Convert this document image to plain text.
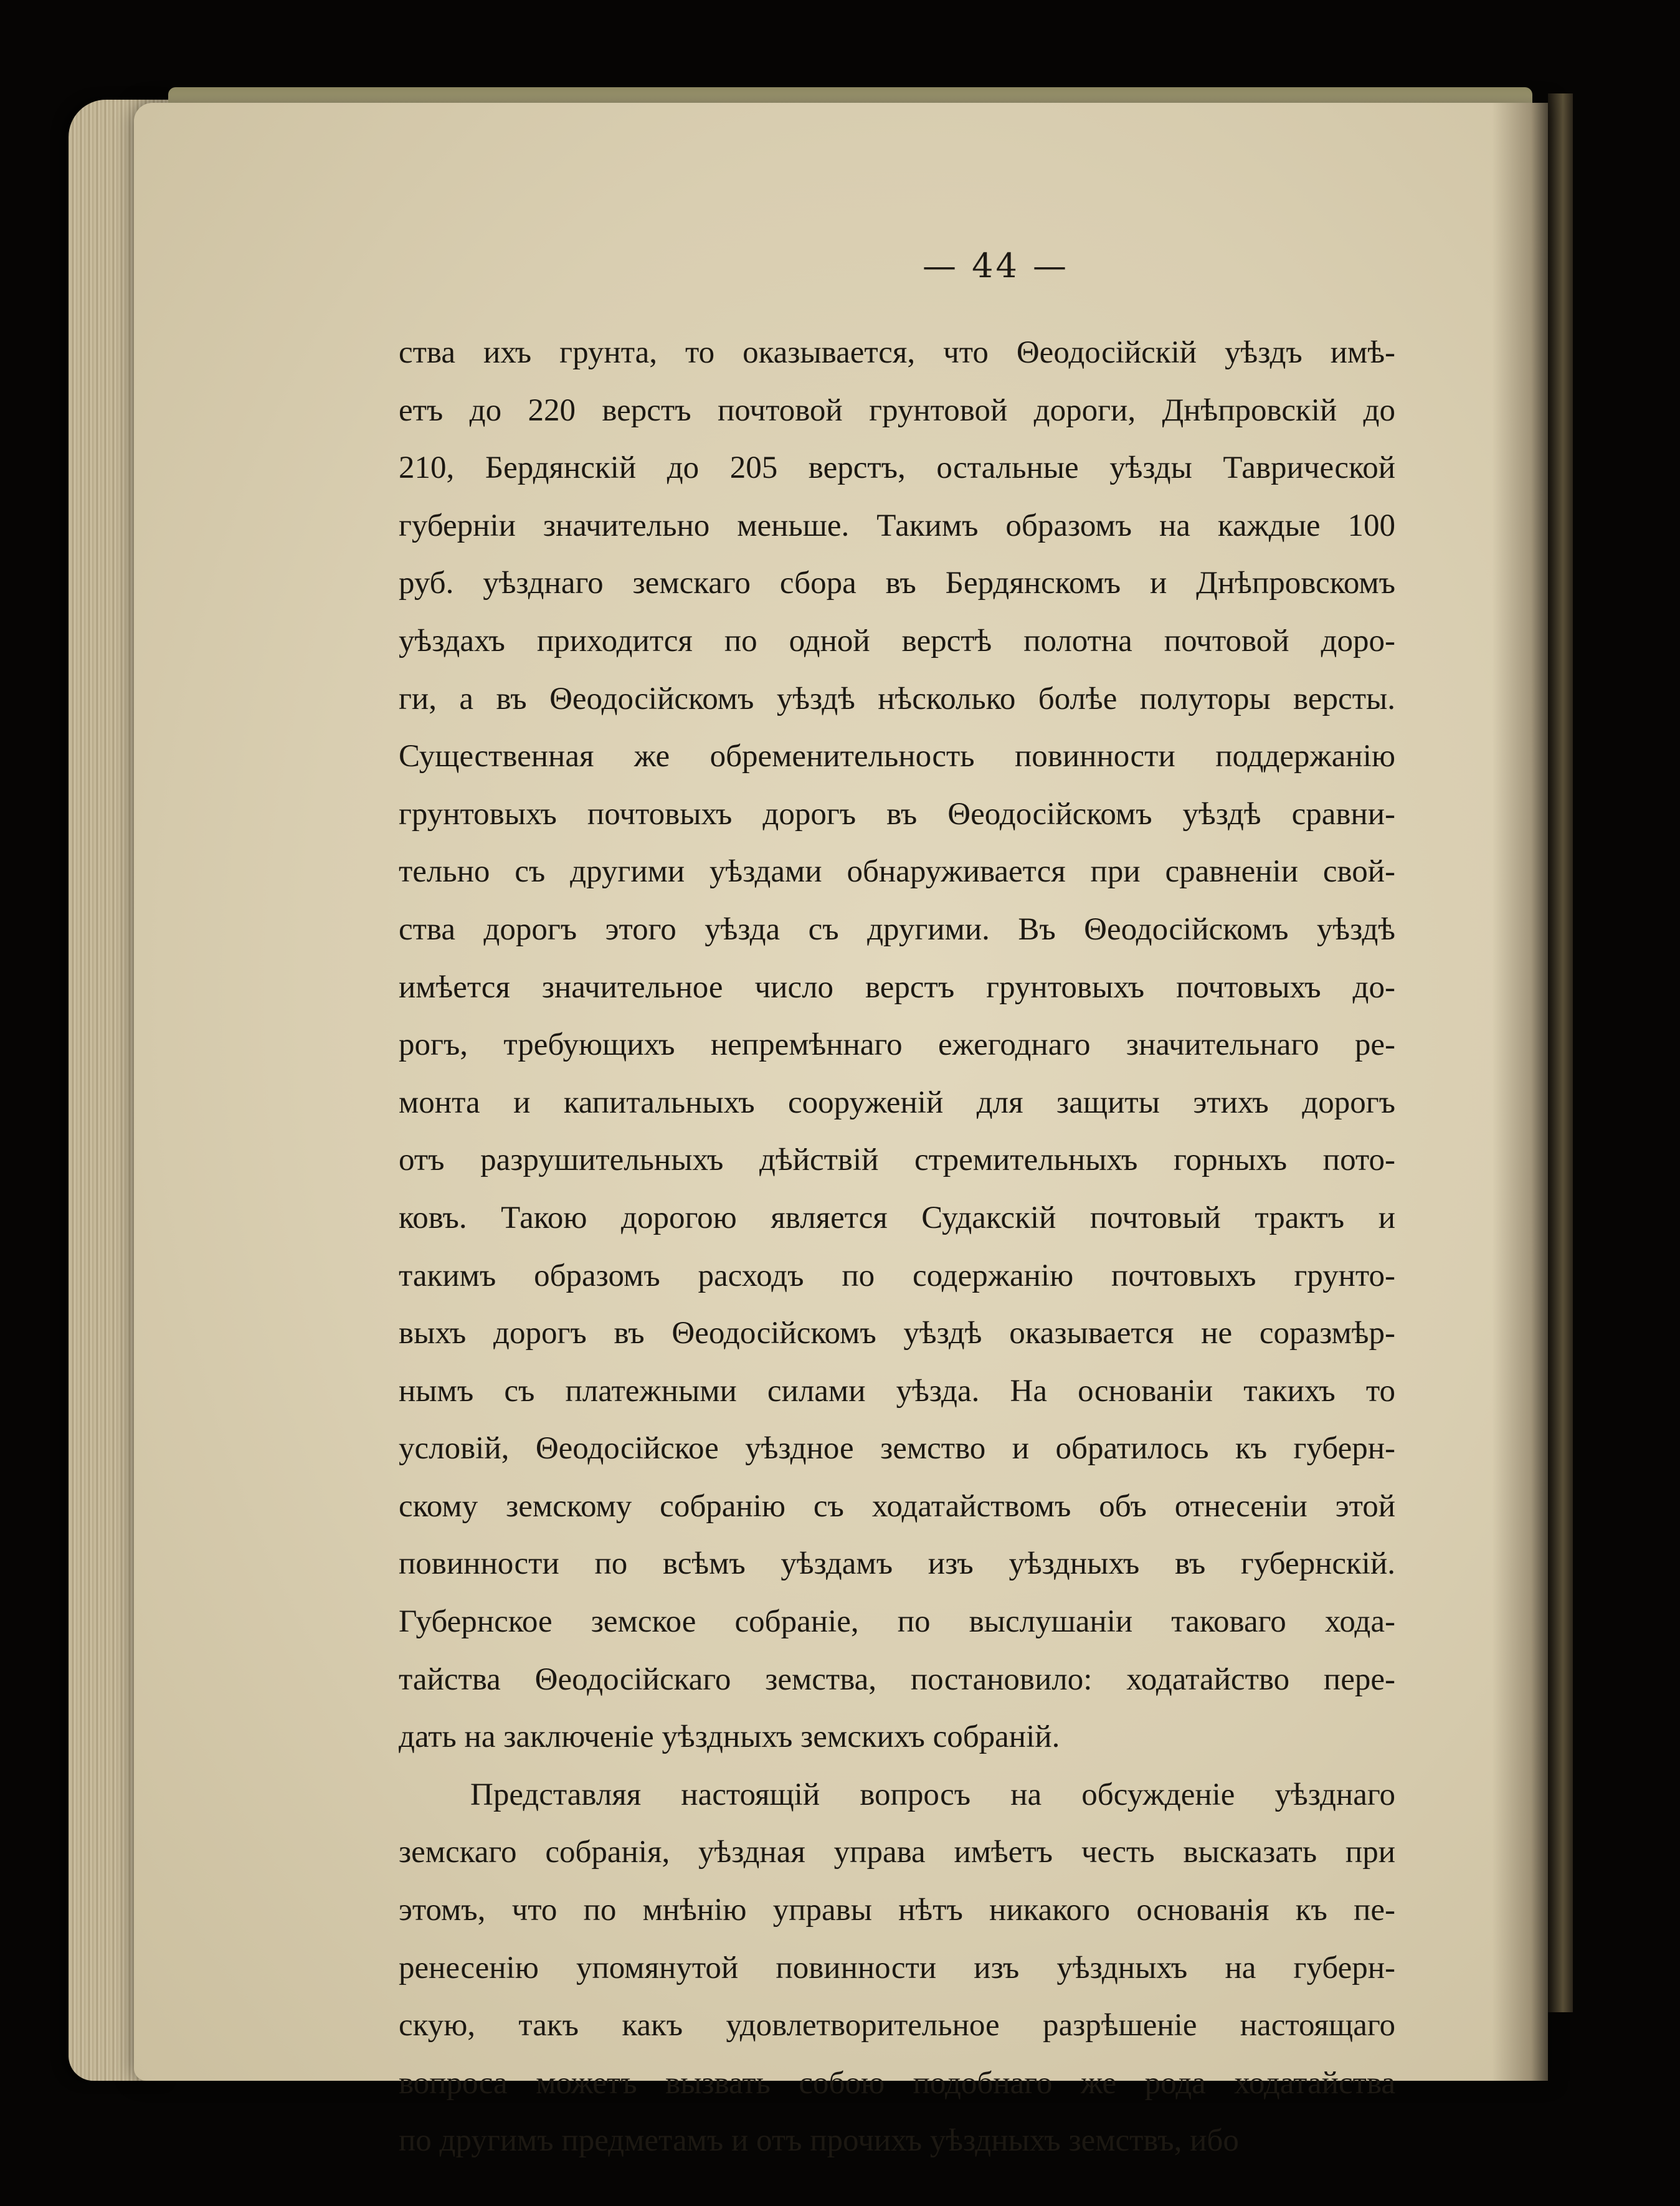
— 44 —
ства ихъ грунта, то оказывается, что Θеодосійскій уѣздъ имѣ-
етъ до 220 верстъ почтовой грунтовой дороги, Днѣпровскій до
210, Бердянскій до 205 верстъ, остальные уѣзды Таврической
губерніи значительно меньше. Такимъ образомъ на каждые 100
руб. уѣзднаго земскаго сбора въ Бердянскомъ и Днѣпровскомъ
уѣздахъ приходится по одной верстѣ полотна почтовой доро-
ги, а въ Θеодосійскомъ уѣздѣ нѣсколько болѣе полуторы версты.
Существенная же обременительность повинности поддержанію
грунтовыхъ почтовыхъ дорогъ въ Θеодосійскомъ уѣздѣ сравни-
тельно съ другими уѣздами обнаруживается при сравненіи свой-
ства дорогъ этого уѣзда съ другими. Въ Θеодосійскомъ уѣздѣ
имѣется значительное число верстъ грунтовыхъ почтовыхъ до-
рогъ, требующихъ непремѣннаго ежегоднаго значительнаго ре-
монта и капитальныхъ сооруженій для защиты этихъ дорогъ
отъ разрушительныхъ дѣйствій стремительныхъ горныхъ пото-
ковъ. Такою дорогою является Судакскій почтовый трактъ и
такимъ образомъ расходъ по содержанію почтовыхъ грунто-
выхъ дорогъ въ Θеодосійскомъ уѣздѣ оказывается не соразмѣр-
нымъ съ платежными силами уѣзда. На основаніи такихъ то
условій, Θеодосійское уѣздное земство и обратилось къ губерн-
скому земскому собранію съ ходатайствомъ объ отнесеніи этой
повинности по всѣмъ уѣздамъ изъ уѣздныхъ въ губернскій.
Губернское земское собраніе, по выслушаніи таковаго хода-
тайства Θеодосійскаго земства, постановило: ходатайство пере-
дать на заключеніе уѣздныхъ земскихъ собраній.
Представляя настоящій вопросъ на обсужденіе уѣзднаго
земскаго собранія, уѣздная управа имѣетъ честь высказать при
этомъ, что по мнѣнію управы нѣтъ никакого основанія къ пе-
ренесенію упомянутой повинности изъ уѣздныхъ на губерн-
скую, такъ какъ удовлетворительное разрѣшеніе настоящаго
вопроса можетъ вызвать собою подобнаго же рода ходатайства
по другимъ предметамъ и отъ прочихъ уѣздныхъ земствъ, ибо
